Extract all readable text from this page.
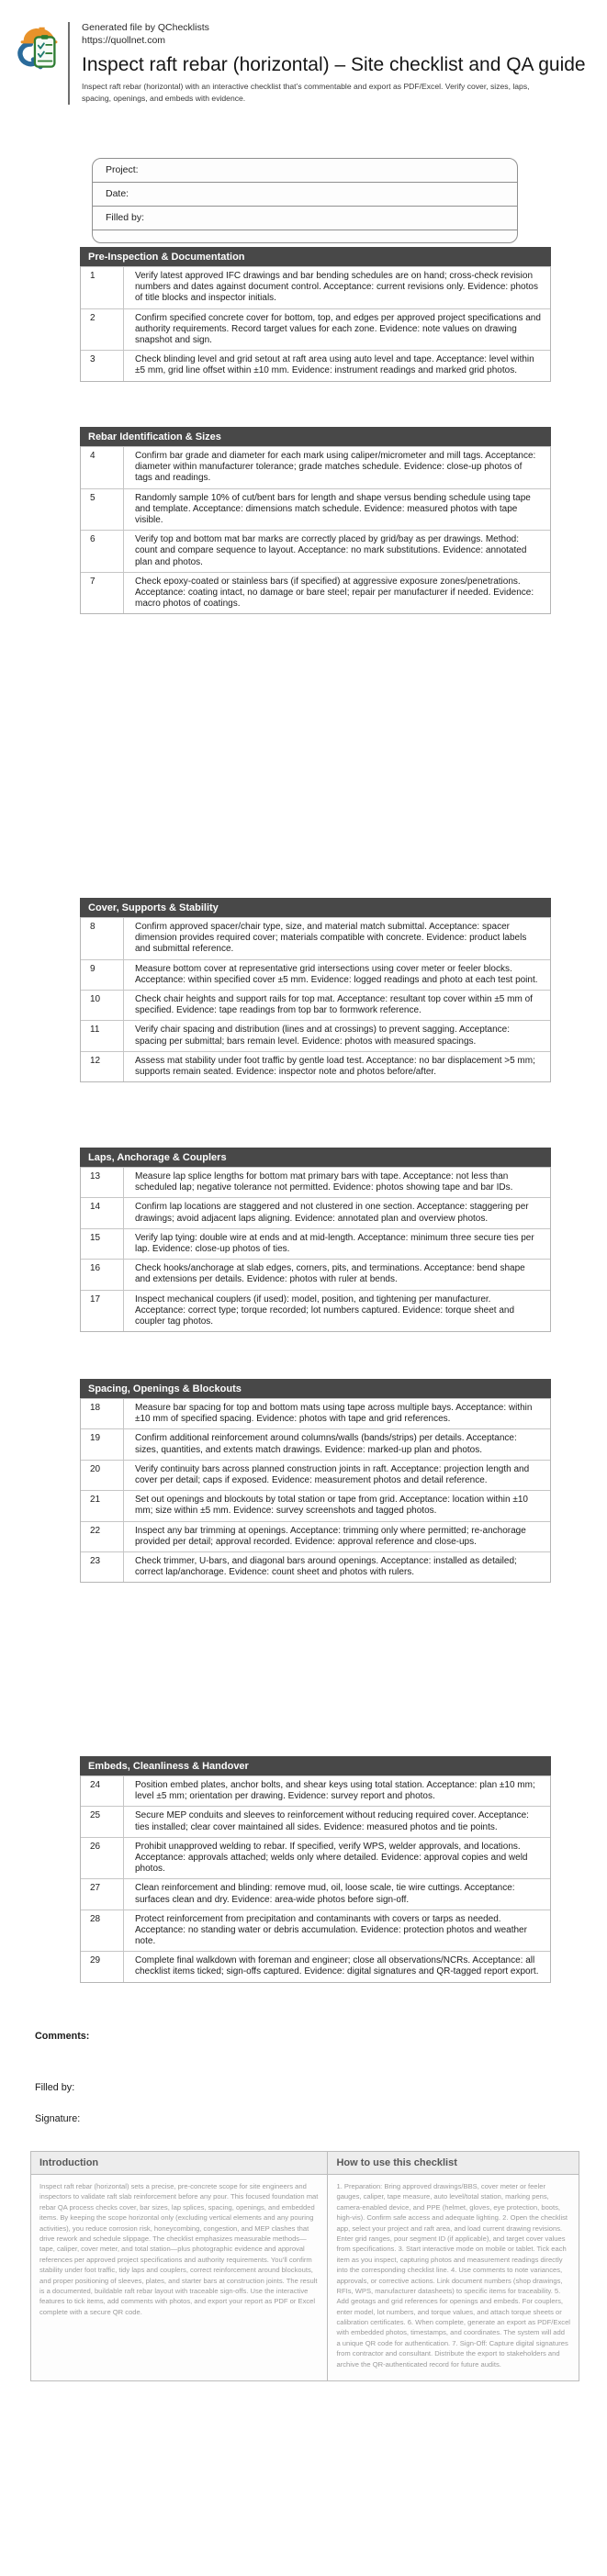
Generated file by QChecklists
https://quollnet.com
Inspect raft rebar (horizontal) – Site checklist and QA guide
Inspect raft rebar (horizontal) with an interactive checklist that’s commentable and export as PDF/Excel. Verify cover, sizes, laps, spacing, openings, and embeds with evidence.
Project:
Date:
Filled by:
Pre-Inspection & Documentation
1	Verify latest approved IFC drawings and bar bending schedules are on hand; cross-check revision numbers and dates against document control. Acceptance: current revisions only. Evidence: photos of title blocks and inspector initials.
2	Confirm specified concrete cover for bottom, top, and edges per approved project specifications and authority requirements. Record target values for each zone. Evidence: note values on drawing snapshot and sign.
3	Check blinding level and grid setout at raft area using auto level and tape. Acceptance: level within ±5 mm, grid line offset within ±10 mm. Evidence: instrument readings and marked grid photos.
Rebar Identification & Sizes
4	Confirm bar grade and diameter for each mark using caliper/micrometer and mill tags. Acceptance: diameter within manufacturer tolerance; grade matches schedule. Evidence: close-up photos of tags and readings.
5	Randomly sample 10% of cut/bent bars for length and shape versus bending schedule using tape and template. Acceptance: dimensions match schedule. Evidence: measured photos with tape visible.
6	Verify top and bottom mat bar marks are correctly placed by grid/bay as per drawings. Method: count and compare sequence to layout. Acceptance: no mark substitutions. Evidence: annotated plan and photos.
7	Check epoxy-coated or stainless bars (if specified) at aggressive exposure zones/penetrations. Acceptance: coating intact, no damage or bare steel; repair per manufacturer if needed. Evidence: macro photos of coatings.
Cover, Supports & Stability
8	Confirm approved spacer/chair type, size, and material match submittal. Acceptance: spacer dimension provides required cover; materials compatible with concrete. Evidence: product labels and submittal reference.
9	Measure bottom cover at representative grid intersections using cover meter or feeler blocks. Acceptance: within specified cover ±5 mm. Evidence: logged readings and photo at each test point.
10	Check chair heights and support rails for top mat. Acceptance: resultant top cover within ±5 mm of specified. Evidence: tape readings from top bar to formwork reference.
11	Verify chair spacing and distribution (lines and at crossings) to prevent sagging. Acceptance: spacing per submittal; bars remain level. Evidence: photos with measured spacings.
12	Assess mat stability under foot traffic by gentle load test. Acceptance: no bar displacement >5 mm; supports remain seated. Evidence: inspector note and photos before/after.
Laps, Anchorage & Couplers
13	Measure lap splice lengths for bottom mat primary bars with tape. Acceptance: not less than scheduled lap; negative tolerance not permitted. Evidence: photos showing tape and bar IDs.
14	Confirm lap locations are staggered and not clustered in one section. Acceptance: staggering per drawings; avoid adjacent laps aligning. Evidence: annotated plan and overview photos.
15	Verify lap tying: double wire at ends and at mid-length. Acceptance: minimum three secure ties per lap. Evidence: close-up photos of ties.
16	Check hooks/anchorage at slab edges, corners, pits, and terminations. Acceptance: bend shape and extensions per details. Evidence: photos with ruler at bends.
17	Inspect mechanical couplers (if used): model, position, and tightening per manufacturer. Acceptance: correct type; torque recorded; lot numbers captured. Evidence: torque sheet and coupler tag photos.
Spacing, Openings & Blockouts
18	Measure bar spacing for top and bottom mats using tape across multiple bays. Acceptance: within ±10 mm of specified spacing. Evidence: photos with tape and grid references.
19	Confirm additional reinforcement around columns/walls (bands/strips) per details. Acceptance: sizes, quantities, and extents match drawings. Evidence: marked-up plan and photos.
20	Verify continuity bars across planned construction joints in raft. Acceptance: projection length and cover per detail; caps if exposed. Evidence: measurement photos and detail reference.
21	Set out openings and blockouts by total station or tape from grid. Acceptance: location within ±10 mm; size within ±5 mm. Evidence: survey screenshots and tagged photos.
22	Inspect any bar trimming at openings. Acceptance: trimming only where permitted; re-anchorage provided per detail; approval recorded. Evidence: approval reference and close-ups.
23	Check trimmer, U-bars, and diagonal bars around openings. Acceptance: installed as detailed; correct lap/anchorage. Evidence: count sheet and photos with rulers.
Embeds, Cleanliness & Handover
24	Position embed plates, anchor bolts, and shear keys using total station. Acceptance: plan ±10 mm; level ±5 mm; orientation per drawing. Evidence: survey report and photos.
25	Secure MEP conduits and sleeves to reinforcement without reducing required cover. Acceptance: ties installed; clear cover maintained all sides. Evidence: measured photos and tie points.
26	Prohibit unapproved welding to rebar. If specified, verify WPS, welder approvals, and locations. Acceptance: approvals attached; welds only where detailed. Evidence: approval copies and weld photos.
27	Clean reinforcement and blinding: remove mud, oil, loose scale, tie wire cuttings. Acceptance: surfaces clean and dry. Evidence: area-wide photos before sign-off.
28	Protect reinforcement from precipitation and contaminants with covers or tarps as needed. Acceptance: no standing water or debris accumulation. Evidence: protection photos and weather note.
29	Complete final walkdown with foreman and engineer; close all observations/NCRs. Acceptance: all checklist items ticked; sign-offs captured. Evidence: digital signatures and QR-tagged report export.
Comments:
Filled by:
Signature:
Introduction	How to use this checklist
Inspect raft rebar (horizontal) sets a precise, pre-concrete scope for site engineers and inspectors to validate raft slab reinforcement before any pour. This focused foundation mat rebar QA process checks cover, bar sizes, lap splices, spacing, openings, and embedded items. By keeping the scope horizontal only (excluding vertical elements and any pouring activities), you reduce corrosion risk, honeycombing, congestion, and MEP clashes that drive rework and schedule slippage. The checklist emphasizes measurable methods—tape, caliper, cover meter, and total station—plus photographic evidence and approval references per approved project specifications and authority requirements. You’ll confirm stability under foot traffic, tidy laps and couplers, correct reinforcement around blockouts, and proper positioning of sleeves, plates, and starter bars at construction joints. The result is a documented, buildable raft rebar layout with traceable sign-offs. Use the interactive features to tick items, add comments with photos, and export your report as PDF or Excel complete with a secure QR code.	1. Preparation: Bring approved drawings/BBS, cover meter or feeler gauges, caliper, tape measure, auto level/total station, marking pens, camera-enabled device, and PPE (helmet, gloves, eye protection, boots, high-vis). Confirm safe access and adequate lighting. 2. Open the checklist app, select your project and raft area, and load current drawing revisions. Enter grid ranges, pour segment ID (if applicable), and target cover values from specifications. 3. Start interactive mode on mobile or tablet. Tick each item as you inspect, capturing photos and measurement readings directly into the corresponding checklist line. 4. Use comments to note variances, approvals, or corrective actions. Link document numbers (shop drawings, RFIs, WPS, manufacturer datasheets) to specific items for traceability. 5. Add geotags and grid references for openings and embeds. For couplers, enter model, lot numbers, and torque values, and attach torque sheets or calibration certificates. 6. When complete, generate an export as PDF/Excel with embedded photos, timestamps, and coordinates. The system will add a unique QR code for authentication. 7. Sign-Off: Capture digital signatures from contractor and consultant. Distribute the export to stakeholders and archive the QR-authenticated record for future audits.
